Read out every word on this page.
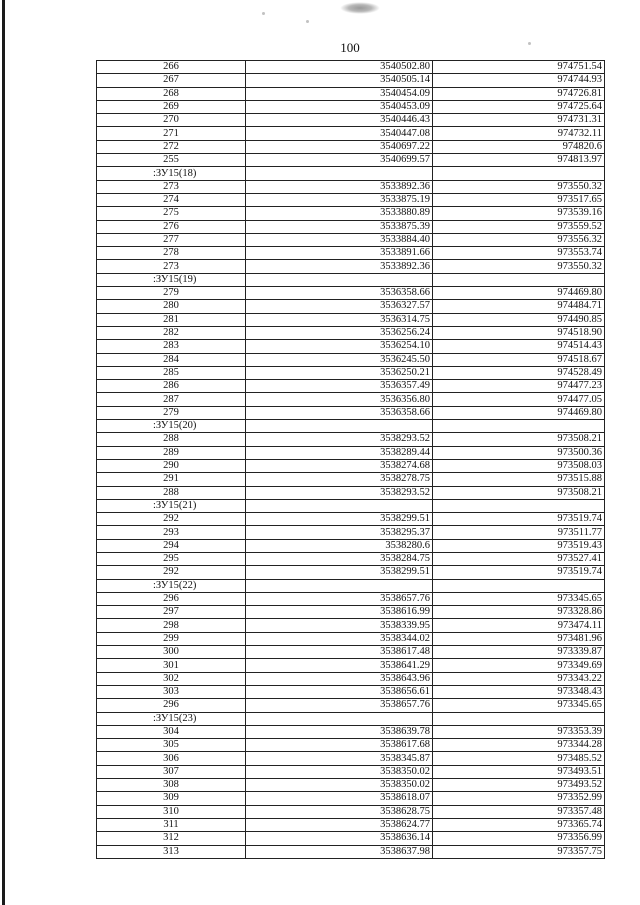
100
266	3540502.80	974751.54
267	3540505.14	974744.93
268	3540454.09	974726.81
269	3540453.09	974725.64
270	3540446.43	974731.31
271	3540447.08	974732.11
272	3540697.22	974820.6
255	3540699.57	974813.97
:ЗУ15(18)		
273	3533892.36	973550.32
274	3533875.19	973517.65
275	3533880.89	973539.16
276	3533875.39	973559.52
277	3533884.40	973556.32
278	3533891.66	973553.74
273	3533892.36	973550.32
:ЗУ15(19)		
279	3536358.66	974469.80
280	3536327.57	974484.71
281	3536314.75	974490.85
282	3536256.24	974518.90
283	3536254.10	974514.43
284	3536245.50	974518.67
285	3536250.21	974528.49
286	3536357.49	974477.23
287	3536356.80	974477.05
279	3536358.66	974469.80
:ЗУ15(20)		
288	3538293.52	973508.21
289	3538289.44	973500.36
290	3538274.68	973508.03
291	3538278.75	973515.88
288	3538293.52	973508.21
:ЗУ15(21)		
292	3538299.51	973519.74
293	3538295.37	973511.77
294	3538280.6	973519.43
295	3538284.75	973527.41
292	3538299.51	973519.74
:ЗУ15(22)		
296	3538657.76	973345.65
297	3538616.99	973328.86
298	3538339.95	973474.11
299	3538344.02	973481.96
300	3538617.48	973339.87
301	3538641.29	973349.69
302	3538643.96	973343.22
303	3538656.61	973348.43
296	3538657.76	973345.65
:ЗУ15(23)		
304	3538639.78	973353.39
305	3538617.68	973344.28
306	3538345.87	973485.52
307	3538350.02	973493.51
308	3538350.02	973493.52
309	3538618.07	973352.99
310	3538628.75	973357.48
311	3538624.77	973365.74
312	3538636.14	973356.99
313	3538637.98	973357.75
